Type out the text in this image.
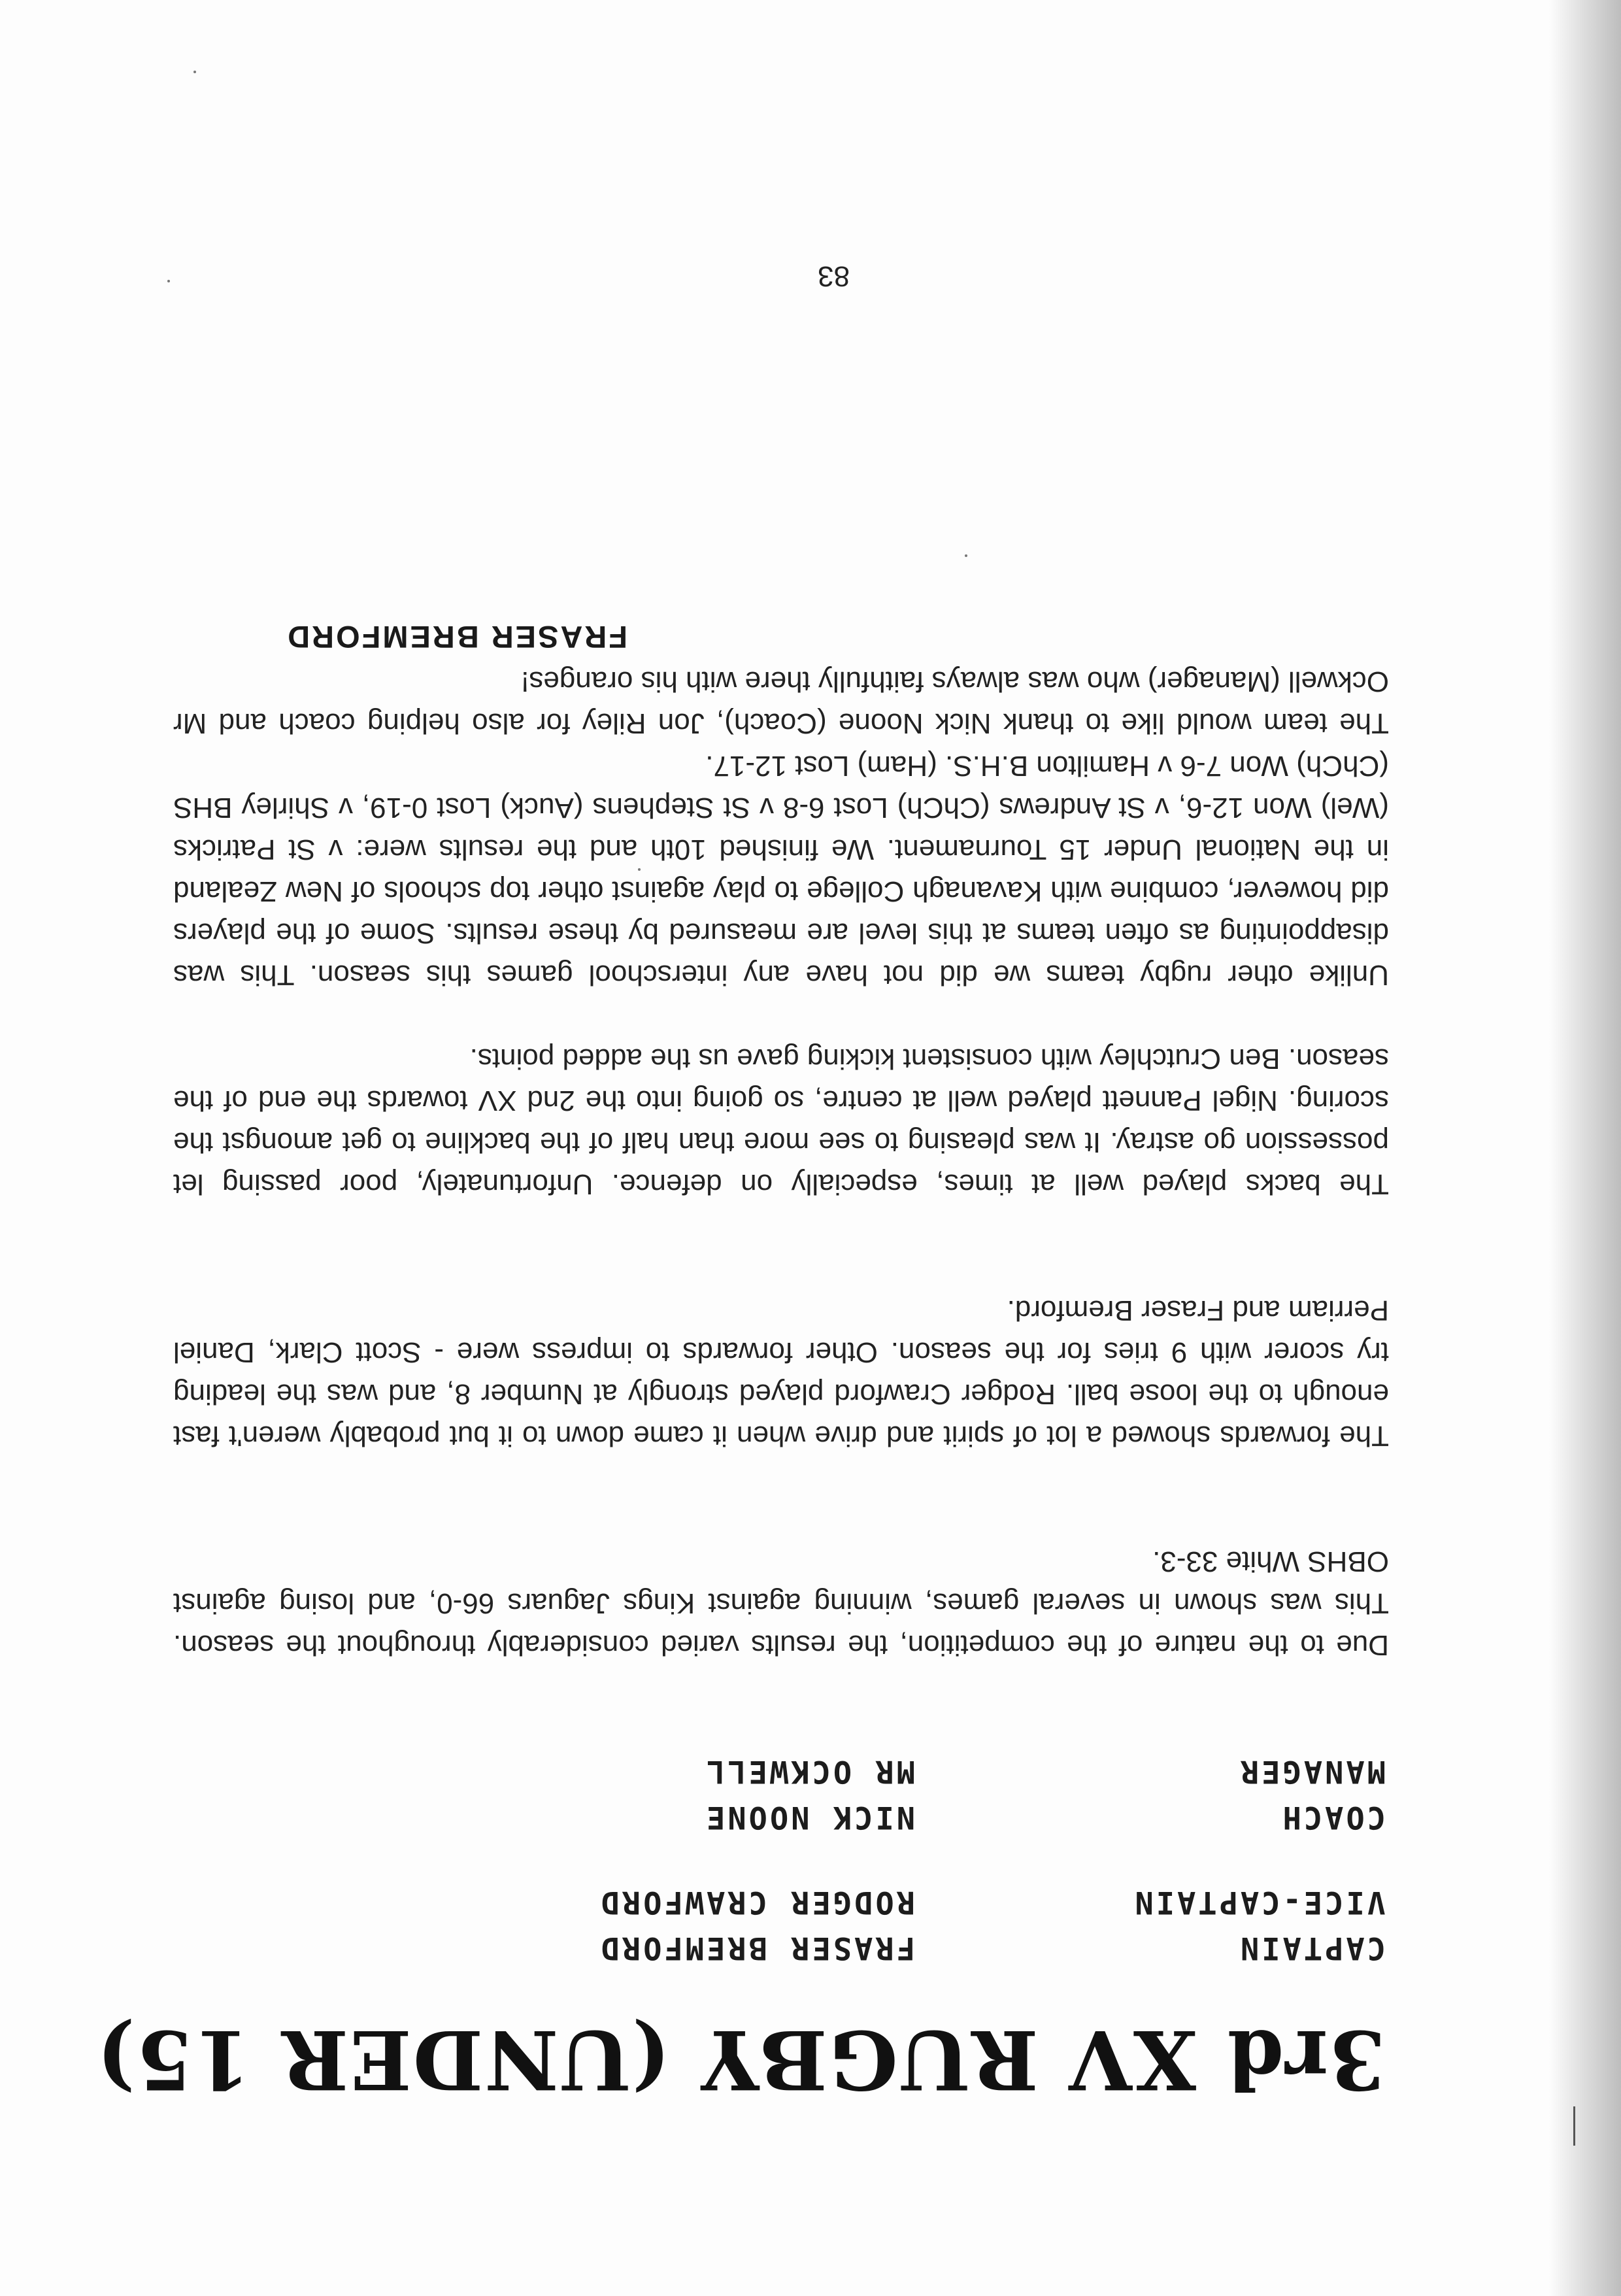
3rd XV RUGBY (UNDER 15)
CAPTAIN
FRASER BREMFORD
VICE-CAPTAIN
RODGER CRAWFORD
COACH
NICK NOONE
MANAGER
MR OCKWELL

Due to the nature of the competition, the results varied considerably throughout the season. This was shown in several games, winning against Kings Jaguars 66-0, and losing against OBHS White 33-3.

The forwards showed a lot of spirit and drive when it came down to it but probably weren't fast enough to the loose ball. Rodger Crawford played strongly at Number 8, and was the leading try scorer with 9 tries for the season. Other forwards to impress were - Scott Clark, Daniel Perriam and Fraser Bremford.

The backs played well at times, especially on defence. Unfortunately, poor passing let possession go astray. It was pleasing to see more than half of the backline to get amongst the scoring. Nigel Pannett played well at centre, so going into the 2nd XV towards the end of the season. Ben Crutchley with consistent kicking gave us the added points.

Unlike other rugby teams we did not have any interschool games this season. This was disappointing as often teams at this level are measured by these results. Some of the players did however, combine with Kavanagh College to play against other top schools of New Zealand in the National Under 15 Tournament. We finished 10th and the results were: v St Patricks (Wel) Won 12-6, v St Andrews (ChCh) Lost 6-8 v St Stephens (Auck) Lost 0-19, v Shirley BHS (ChCh) Won 7-6 v Hamilton B.H.S. (Ham) Lost 12-17.

The team would like to thank Nick Noone (Coach), Jon Riley for also helping coach and Mr Ockwell (Manager) who was always faithfully there with his oranges!

FRASER BREMFORD
83
